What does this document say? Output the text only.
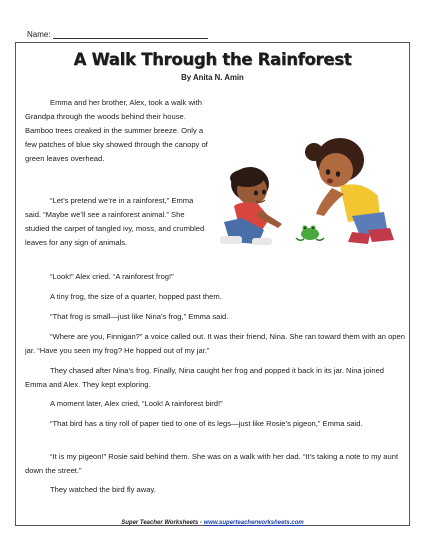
Name:
A Walk Through the Rainforest
By Anita N. Amin

Emma and her brother, Alex, took a walk with Grandpa through the woods behind their house. Bamboo trees creaked in the summer breeze. Only a few patches of blue sky showed through the canopy of green leaves overhead.

“Let’s pretend we’re in a rainforest,” Emma said. “Maybe we’ll see a rainforest animal.” She studied the carpet of tangled ivy, moss, and crumbled leaves for any sign of animals.

“Look!” Alex cried. “A rainforest frog!”

A tiny frog, the size of a quarter, hopped past them.

“That frog is small—just like Nina’s frog,” Emma said.

“Where are you, Finnigan?” a voice called out. It was their friend, Nina. She ran toward them with an open jar. “Have you seen my frog? He hopped out of my jar.”

They chased after Nina’s frog. Finally, Nina caught her frog and popped it back in its jar. Nina joined Emma and Alex. They kept exploring.

A moment later, Alex cried, “Look! A rainforest bird!”

“That bird has a tiny roll of paper tied to one of its legs—just like Rosie’s pigeon,” Emma said.

“It is my pigeon!” Rosie said behind them. She was on a walk with her dad. “It’s taking a note to my aunt down the street.”

They watched the bird fly away.

Super Teacher Worksheets - www.superteacherworksheets.com
